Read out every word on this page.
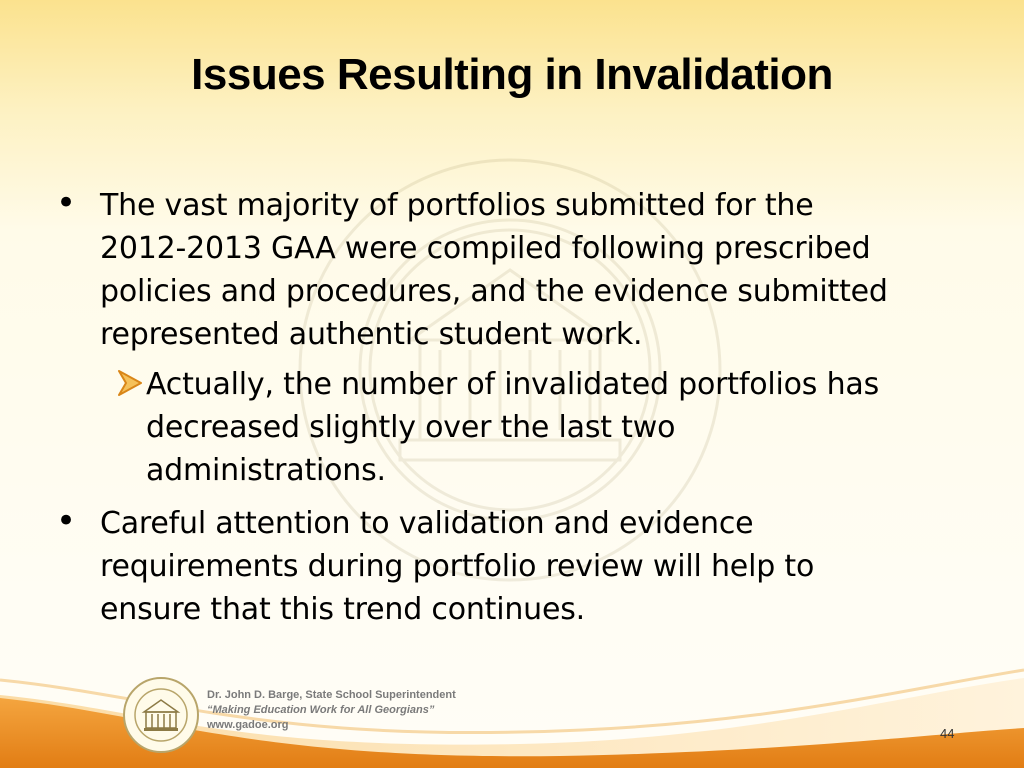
Issues Resulting in Invalidation
• The vast majority of portfolios submitted for the
2012-2013 GAA were compiled following prescribed
policies and procedures, and the evidence submitted
represented authentic student work.
Actually, the number of invalidated portfolios has
decreased slightly over the last two
administrations.
• Careful attention to validation and evidence
requirements during portfolio review will help to
ensure that this trend continues.
Dr. John D. Barge, State School Superintendent
“Making Education Work for All Georgians”
www.gadoe.org
44
